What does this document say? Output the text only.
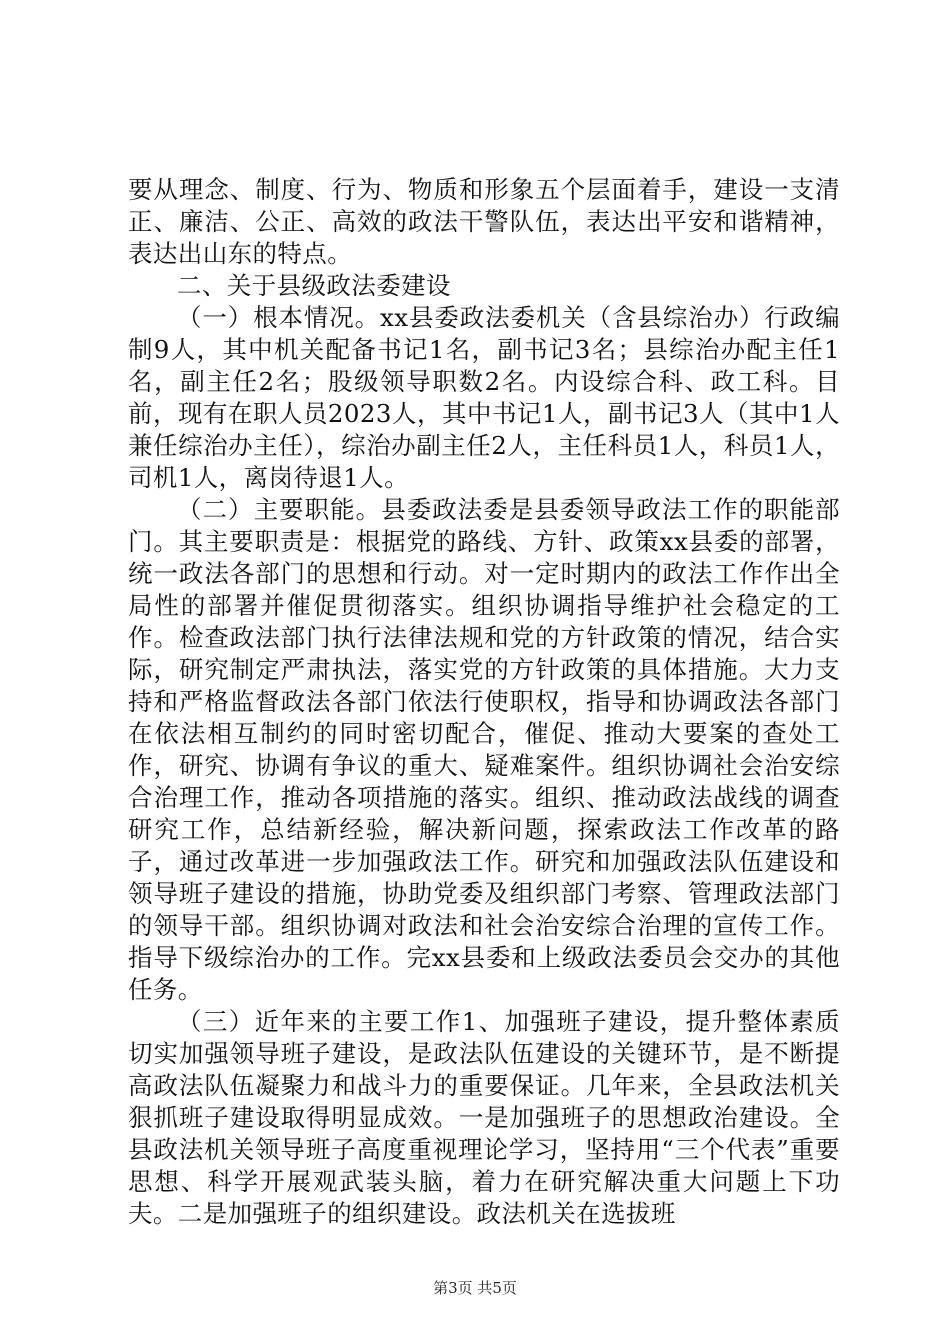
要从理念、制度、行为、物质和形象五个层面着手，建设一支清正、廉洁、公正、高效的政法干警队伍，表达出平安和谐精神，表达出山东的特点。

二、关于县级政法委建设

（一）根本情况。xx县委政法委机关（含县综治办）行政编制9人，其中机关配备书记1名，副书记3名；县综治办配主任1名，副主任2名；股级领导职数2名。内设综合科、政工科。目前，现有在职人员2023人，其中书记1人，副书记3人（其中1人兼任综治办主任），综治办副主任2人，主任科员1人，科员1人，司机1人，离岗待退1人。

（二）主要职能。县委政法委是县委领导政法工作的职能部门。其主要职责是：根据党的路线、方针、政策xx县委的部署，统一政法各部门的思想和行动。对一定时期内的政法工作作出全局性的部署并催促贯彻落实。组织协调指导维护社会稳定的工作。检查政法部门执行法律法规和党的方针政策的情况，结合实际，研究制定严肃执法，落实党的方针政策的具体措施。大力支持和严格监督政法各部门依法行使职权，指导和协调政法各部门在依法相互制约的同时密切配合，催促、推动大要案的查处工作，研究、协调有争议的重大、疑难案件。组织协调社会治安综合治理工作，推动各项措施的落实。组织、推动政法战线的调查研究工作，总结新经验，解决新问题，探索政法工作改革的路子，通过改革进一步加强政法工作。研究和加强政法队伍建设和领导班子建设的措施，协助党委及组织部门考察、管理政法部门的领导干部。组织协调对政法和社会治安综合治理的宣传工作。指导下级综治办的工作。完xx县委和上级政法委员会交办的其他任务。

（三）近年来的主要工作1、加强班子建设，提升整体素质切实加强领导班子建设，是政法队伍建设的关键环节，是不断提高政法队伍凝聚力和战斗力的重要保证。几年来，全县政法机关狠抓班子建设取得明显成效。一是加强班子的思想政治建设。全县政法机关领导班子高度重视理论学习，坚持用“三个代表”重要思想、科学开展观武装头脑，着力在研究解决重大问题上下功夫。二是加强班子的组织建设。政法机关在选拔班

第3页 共5页
